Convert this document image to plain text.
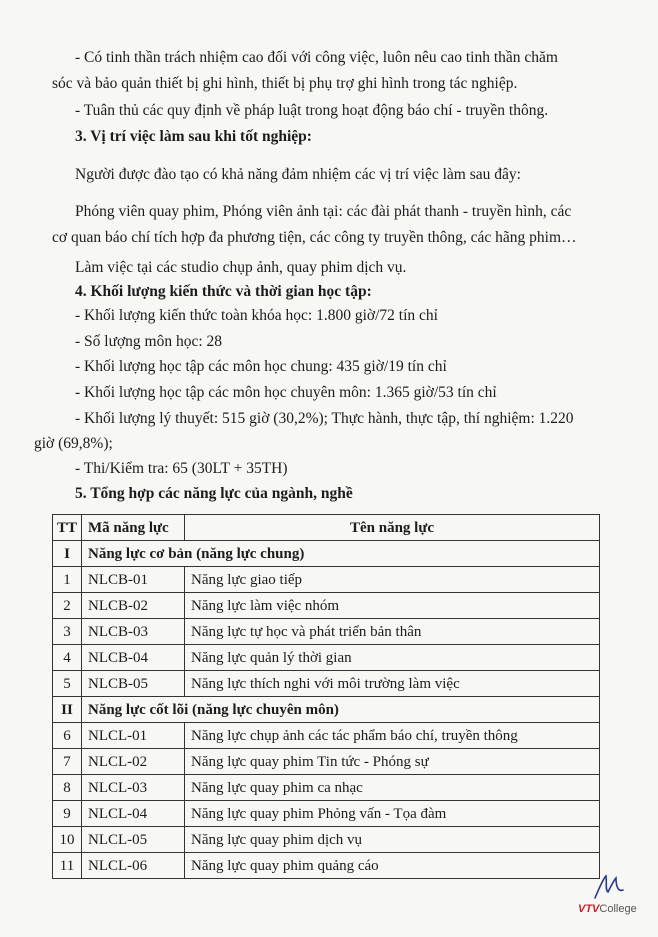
- Có tinh thần trách nhiệm cao đối với công việc, luôn nêu cao tinh thần chăm
sóc và bảo quản thiết bị ghi hình, thiết bị phụ trợ ghi hình trong tác nghiệp.
- Tuân thủ các quy định về pháp luật trong hoạt động báo chí - truyền thông.
3. Vị trí việc làm sau khi tốt nghiệp:
Người được đào tạo có khả năng đảm nhiệm các vị trí việc làm sau đây:
Phóng viên quay phim, Phóng viên ảnh tại: các đài phát thanh - truyền hình, các
cơ quan báo chí tích hợp đa phương tiện, các công ty truyền thông, các hãng phim…
Làm việc tại các studio chụp ảnh, quay phim dịch vụ.
4. Khối lượng kiến thức và thời gian học tập:
- Khối lượng kiến thức toàn khóa học: 1.800 giờ/72 tín chỉ
- Số lượng môn học: 28
- Khối lượng học tập các môn học chung: 435 giờ/19 tín chỉ
- Khối lượng học tập các môn học chuyên môn: 1.365 giờ/53 tín chỉ
- Khối lượng lý thuyết: 515 giờ (30,2%); Thực hành, thực tập, thí nghiệm: 1.220
giờ (69,8%);
- Thi/Kiểm tra: 65 (30LT + 35TH)
5. Tổng hợp các năng lực của ngành, nghề
TT	Mã năng lực	Tên năng lực
I	Năng lực cơ bản (năng lực chung)	
1	NLCB-01	Năng lực giao tiếp
2	NLCB-02	Năng lực làm việc nhóm
3	NLCB-03	Năng lực tự học và phát triển bản thân
4	NLCB-04	Năng lực quản lý thời gian
5	NLCB-05	Năng lực thích nghi với môi trường làm việc
II	Năng lực cốt lõi (năng lực chuyên môn)	
6	NLCL-01	Năng lực chụp ảnh các tác phẩm báo chí, truyền thông
7	NLCL-02	Năng lực quay phim Tin tức - Phóng sự
8	NLCL-03	Năng lực quay phim ca nhạc
9	NLCL-04	Năng lực quay phim Phỏng vấn - Tọa đàm
10	NLCL-05	Năng lực quay phim dịch vụ
11	NLCL-06	Năng lực quay phim quảng cáo
VTVCollege
